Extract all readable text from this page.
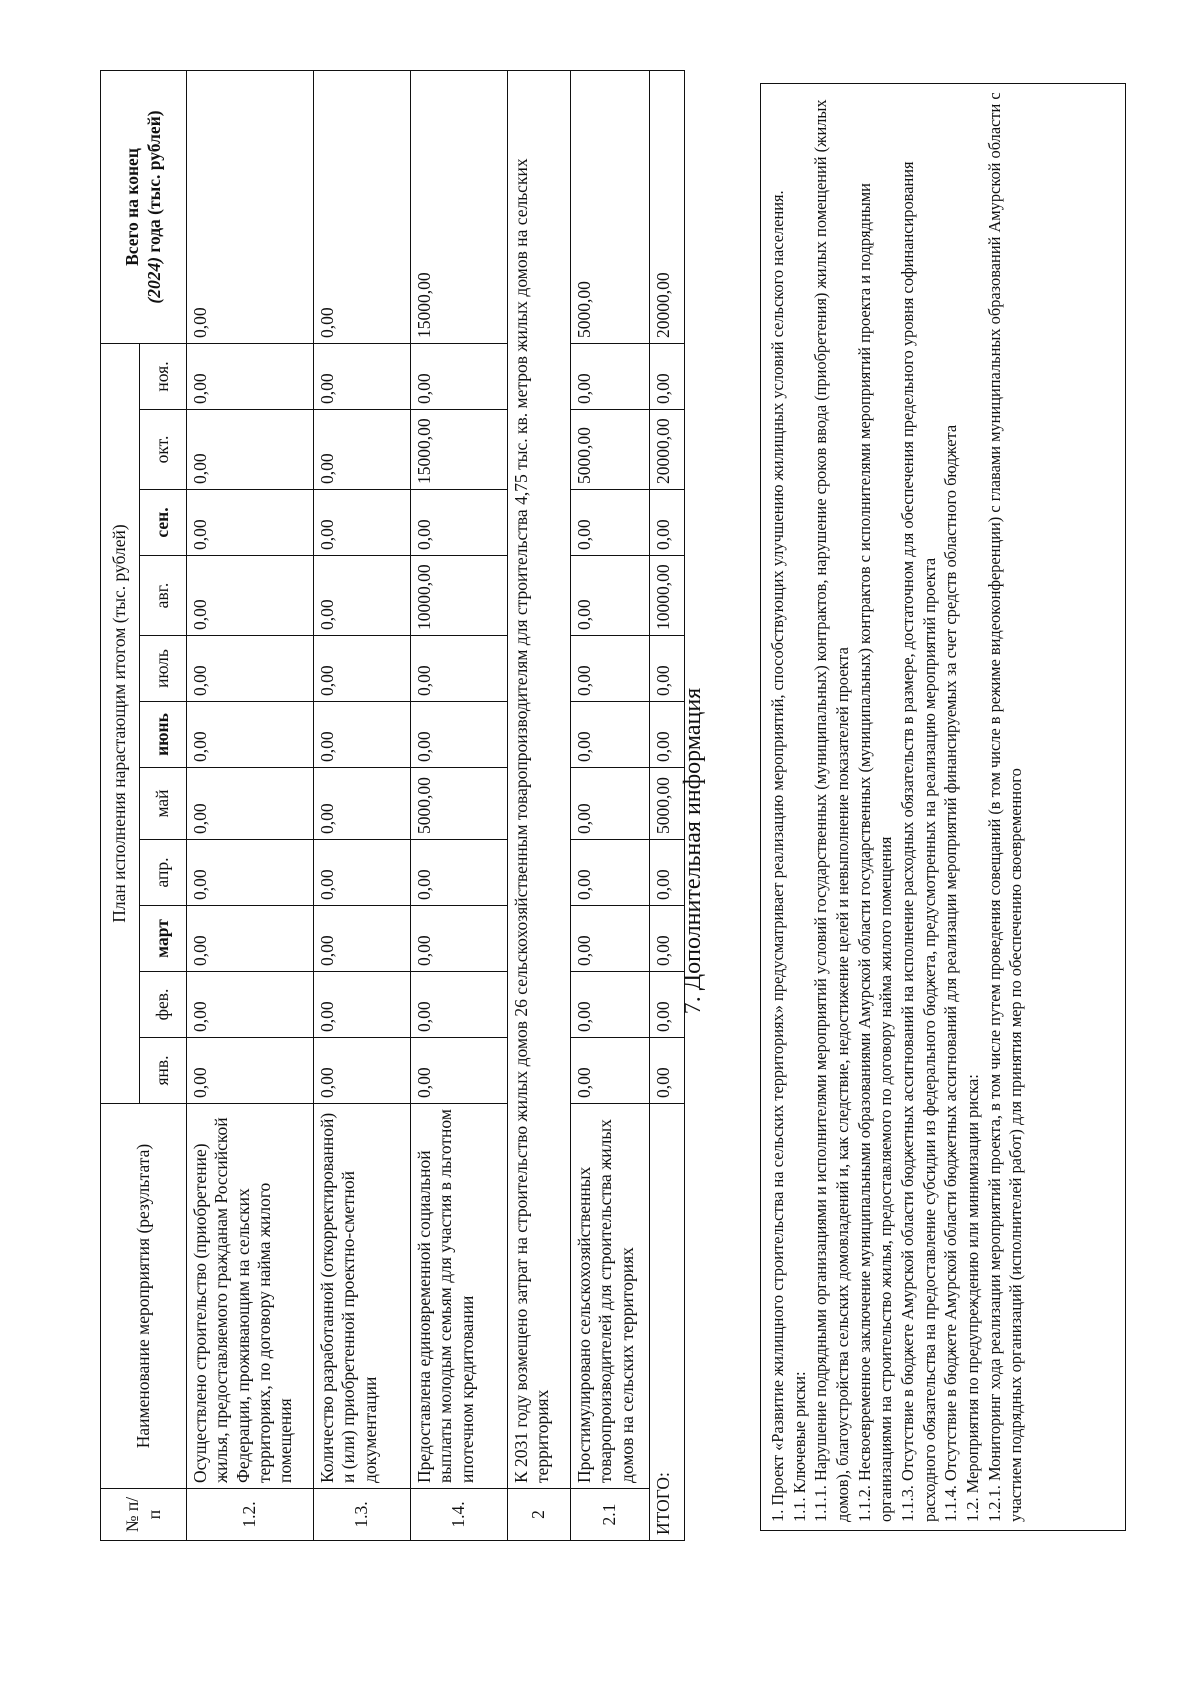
№ п/п	Наименование мероприятия (результата)	План исполнения нарастающим итогом (тыс. рублей)											Всего на конец
(2024) года (тыс. рублей)
		янв.	фев.	март	апр.	май	июнь	июль	авг.	сен.	окт.	ноя.	
1.2.	Осуществлено строительство (приобретение) жилья, предоставляемого гражданам Российской Федерации, проживающим на сельских территориях, по договору найма жилого помещения	0,00	0,00	0,00	0,00	0,00	0,00	0,00	0,00	0,00	0,00	0,00	0,00
1.3.	Количество разработанной (откорректированной) и (или) приобретенной проектно-сметной документации	0,00	0,00	0,00	0,00	0,00	0,00	0,00	0,00	0,00	0,00	0,00	0,00
1.4.	Предоставлена единовременной социальной выплаты молодым семьям для участия в льготном ипотечном кредитовании	0,00	0,00	0,00	0,00	5000,00	0,00	0,00	10000,00	0,00	15000,00	0,00	15000,00
2	К 2031 году возмещено затрат на строительство жилых домов 26 сельскохозяйственным товаропроизводителям для строительства 4,75 тыс. кв. метров жилых домов на сельских территориях												
2.1	Простимулировано сельскохозяйственных товаропроизводителей для строительства жилых домов на сельских территориях	0,00	0,00	0,00	0,00	0,00	0,00	0,00	0,00	0,00	5000,00	0,00	5000,00
ИТОГО:		0,00	0,00	0,00	0,00	5000,00	0,00	0,00	10000,00	0,00	20000,00	0,00	20000,00
7. Дополнительная информация	1. Проект «Развитие жилищного строительства на сельских территориях» предусматривает реализацию мероприятий, способствующих улучшению жилищных условий сельского населения. 1.1. Ключевые риски: 1.1.1. Нарушение подрядными организациями и исполнителями мероприятий условий государственных (муниципальных) контрактов, нарушение сроков ввода (приобретения) жилых помещений (жилых домов), благоустройства сельских домовладений и, как следствие, недостижение целей и невыполнение показателей проекта 1.1.2. Несвоевременное заключение муниципальными образованиями Амурской области государственных (муниципальных) контрактов с исполнителями мероприятий проекта и подрядными организациями на строительство жилья, предоставляемого по договору найма жилого помещения 1.1.3. Отсутствие в бюджете Амурской области бюджетных ассигнований на исполнение расходных обязательств в размере, достаточном для обеспечения предельного уровня софинансирования расходного обязательства на предоставление субсидии из федерального бюджета, предусмотренных на реализацию мероприятий проекта 1.1.4. Отсутствие в бюджете Амурской области бюджетных ассигнований для реализации мероприятий финансируемых за счет средств областного бюджета 1.2. Мероприятия по предупреждению или минимизации риска: 1.2.1. Мониторинг хода реализации мероприятий проекта, в том числе путем проведения совещаний (в том числе в режиме видеоконференции) с главами муниципальных образований Амурской области с участием подрядных организаций (исполнителей работ) для принятия мер по обеспечению своевременного
